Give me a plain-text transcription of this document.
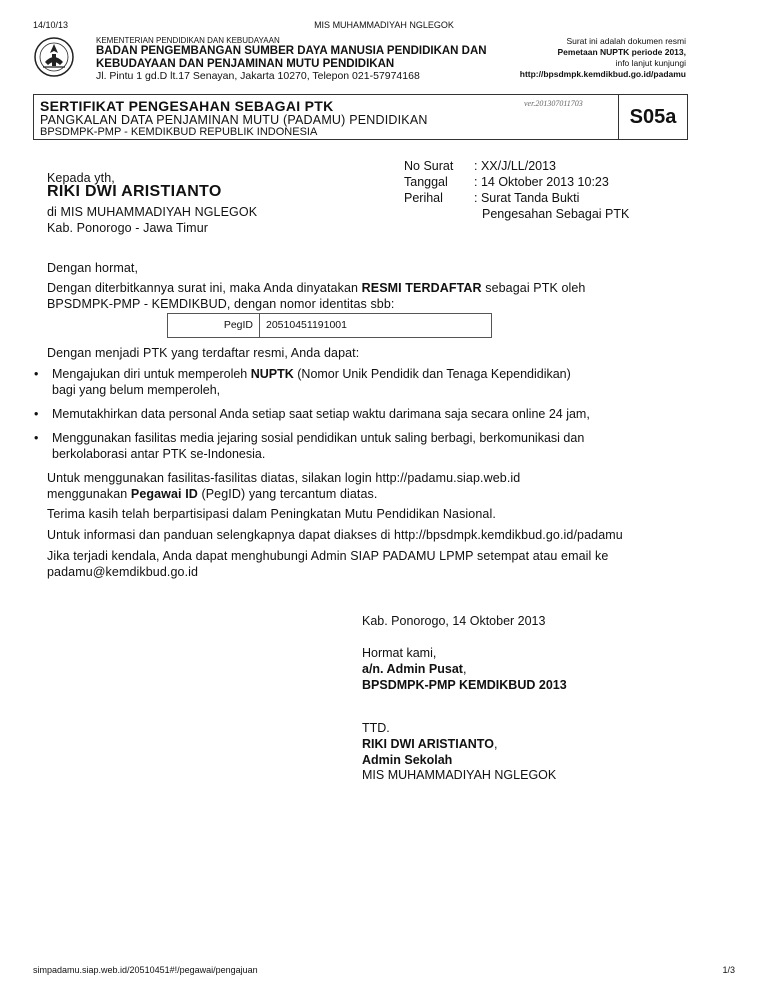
14/10/13	MIS MUHAMMADIYAH NGLEGOK
KEMENTERIAN PENDIDIKAN DAN KEBUDAYAAN
BADAN PENGEMBANGAN SUMBER DAYA MANUSIA PENDIDIKAN DAN
KEBUDAYAAN DAN PENJAMINAN MUTU PENDIDIKAN
Jl. Pintu 1 gd.D lt.17 Senayan, Jakarta 10270, Telepon 021-57974168
Surat ini adalah dokumen resmi
Pemetaan NUPTK periode 2013,
info lanjut kunjungi
http://bpsdmpk.kemdikbud.go.id/padamu
SERTIFIKAT PENGESAHAN SEBAGAI PTK
PANGKALAN DATA PENJAMINAN MUTU (PADAMU) PENDIDIKAN
BPSDMPK-PMP - KEMDIKBUD REPUBLIK INDONESIA
ver.201307011703
S05a
Kepada yth,
RIKI DWI ARISTIANTO
di MIS MUHAMMADIYAH NGLEGOK
Kab. Ponorogo - Jawa Timur
No Surat : XX/J/LL/2013
Tanggal : 14 Oktober 2013 10:23
Perihal : Surat Tanda Bukti
Pengesahan Sebagai PTK
Dengan hormat,
Dengan diterbitkannya surat ini, maka Anda dinyatakan RESMI TERDAFTAR sebagai PTK oleh
BPSDMPK-PMP - KEMDIKBUD, dengan nomor identitas sbb:
PegID 20510451191001
Dengan menjadi PTK yang terdaftar resmi, Anda dapat:
• Mengajukan diri untuk memperoleh NUPTK (Nomor Unik Pendidik dan Tenaga Kependidikan)
bagi yang belum memperoleh,
• Memutakhirkan data personal Anda setiap saat setiap waktu darimana saja secara online 24 jam,
• Menggunakan fasilitas media jejaring sosial pendidikan untuk saling berbagi, berkomunikasi dan
berkolaborasi antar PTK se-Indonesia.
Untuk menggunakan fasilitas-fasilitas diatas, silakan login http://padamu.siap.web.id
menggunakan Pegawai ID (PegID) yang tercantum diatas.
Terima kasih telah berpartisipasi dalam Peningkatan Mutu Pendidikan Nasional.
Untuk informasi dan panduan selengkapnya dapat diakses di http://bpsdmpk.kemdikbud.go.id/padamu
Jika terjadi kendala, Anda dapat menghubungi Admin SIAP PADAMU LPMP setempat atau email ke
padamu@kemdikbud.go.id
Kab. Ponorogo, 14 Oktober 2013
Hormat kami,
a/n. Admin Pusat,
BPSDMPK-PMP KEMDIKBUD 2013
TTD.
RIKI DWI ARISTIANTO,
Admin Sekolah
MIS MUHAMMADIYAH NGLEGOK
simpadamu.siap.web.id/20510451#!/pegawai/pengajuan	1/3
